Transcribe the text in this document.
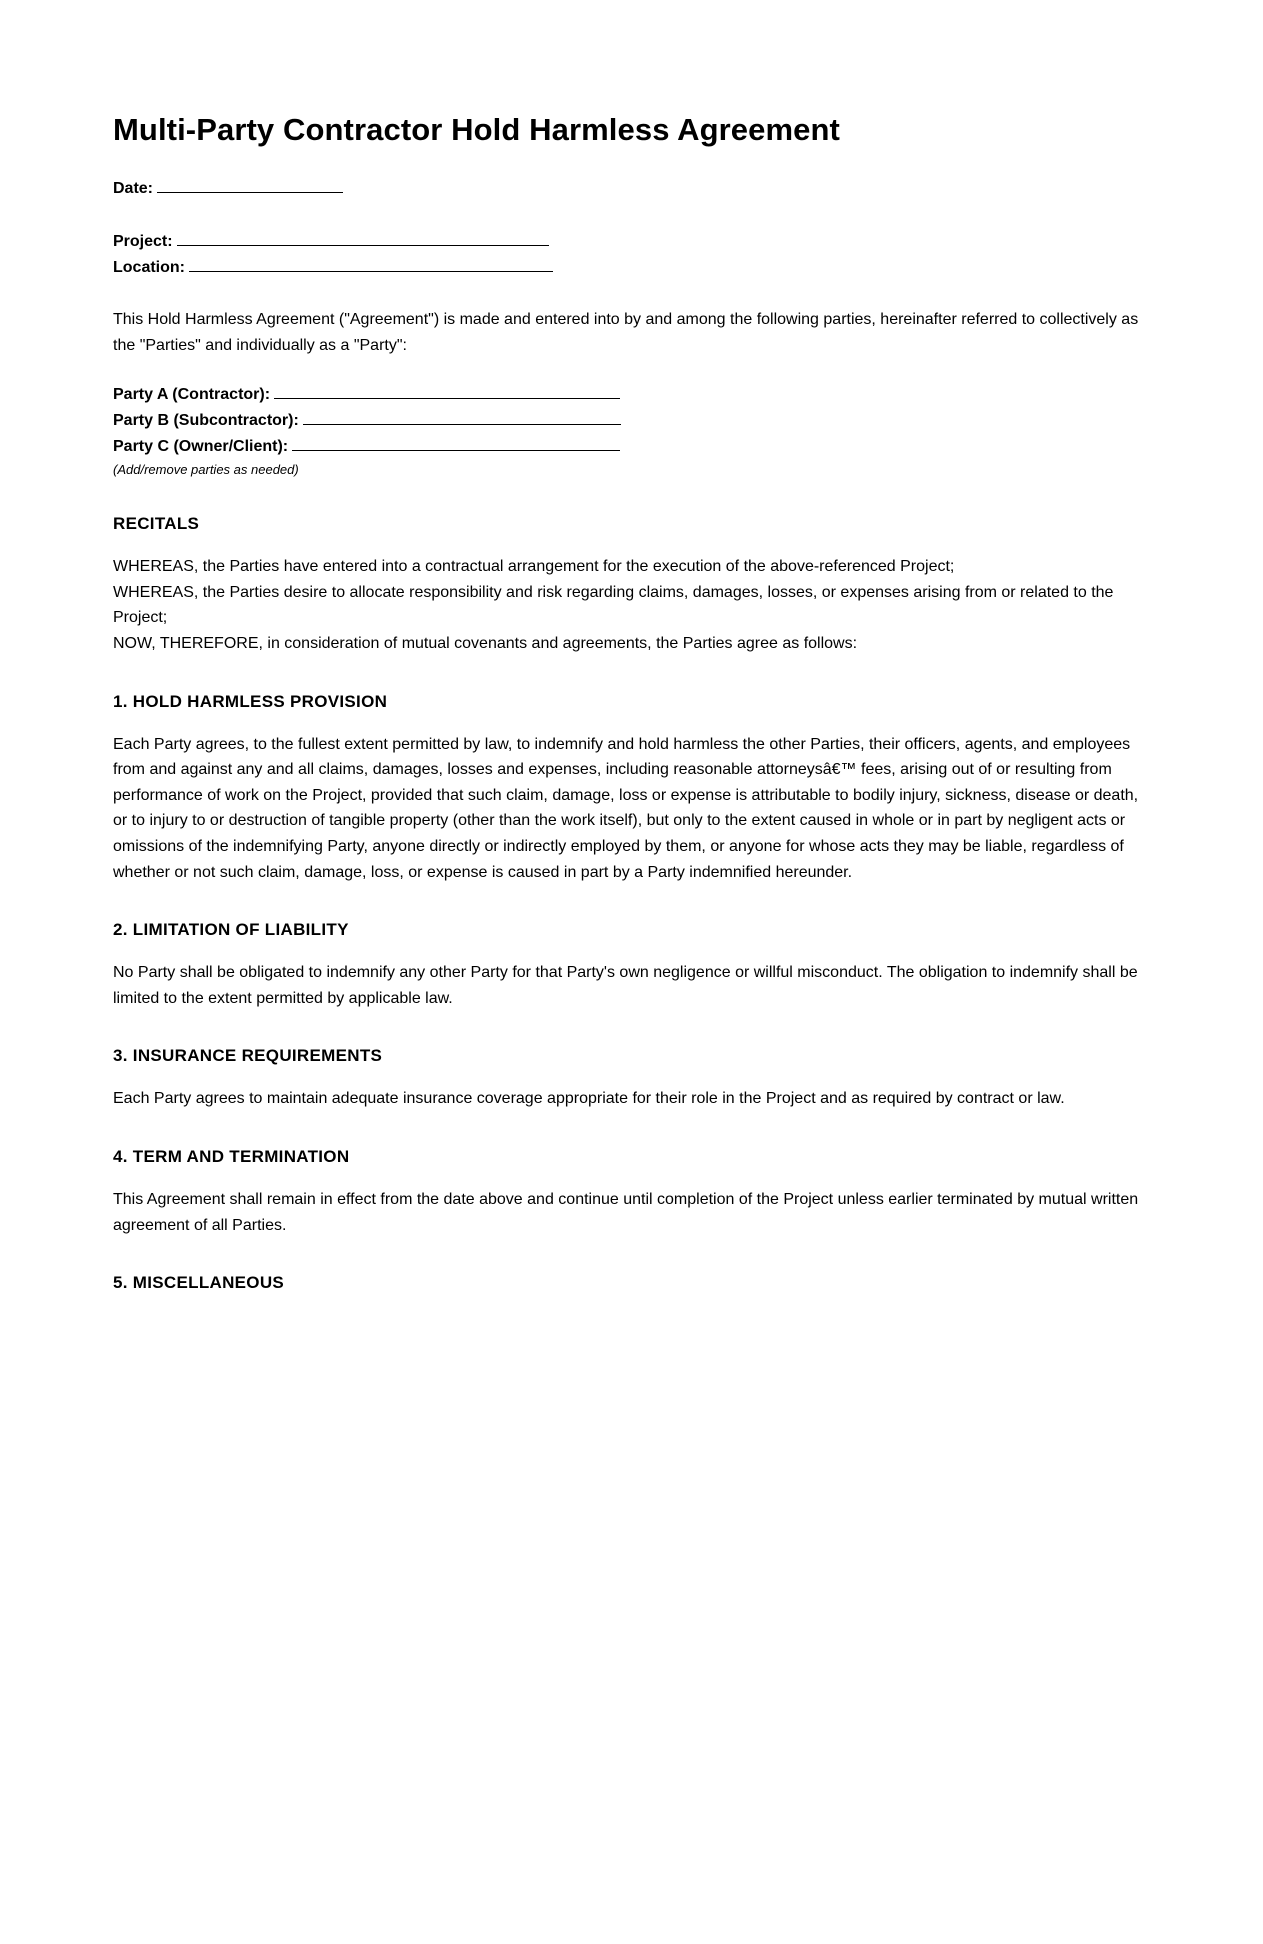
Multi-Party Contractor Hold Harmless Agreement
Date:
Project:
Location:

This Hold Harmless Agreement ("Agreement") is made and entered into by and among the following parties, hereinafter referred to collectively as the "Parties" and individually as a "Party":

Party A (Contractor):
Party B (Subcontractor):
Party C (Owner/Client):
(Add/remove parties as needed)
RECITALS

WHEREAS, the Parties have entered into a contractual arrangement for the execution of the above-referenced Project;

WHEREAS, the Parties desire to allocate responsibility and risk regarding claims, damages, losses, or expenses arising from or related to the Project;

NOW, THEREFORE, in consideration of mutual covenants and agreements, the Parties agree as follows:

1. HOLD HARMLESS PROVISION

Each Party agrees, to the fullest extent permitted by law, to indemnify and hold harmless the other Parties, their officers, agents, and employees from and against any and all claims, damages, losses and expenses, including reasonable attorneysâ€™ fees, arising out of or resulting from performance of work on the Project, provided that such claim, damage, loss or expense is attributable to bodily injury, sickness, disease or death, or to injury to or destruction of tangible property (other than the work itself), but only to the extent caused in whole or in part by negligent acts or omissions of the indemnifying Party, anyone directly or indirectly employed by them, or anyone for whose acts they may be liable, regardless of whether or not such claim, damage, loss, or expense is caused in part by a Party indemnified hereunder.

2. LIMITATION OF LIABILITY

No Party shall be obligated to indemnify any other Party for that Party's own negligence or willful misconduct. The obligation to indemnify shall be limited to the extent permitted by applicable law.

3. INSURANCE REQUIREMENTS

Each Party agrees to maintain adequate insurance coverage appropriate for their role in the Project and as required by contract or law.

4. TERM AND TERMINATION

This Agreement shall remain in effect from the date above and continue until completion of the Project unless earlier terminated by mutual written agreement of all Parties.

5. MISCELLANEOUS
